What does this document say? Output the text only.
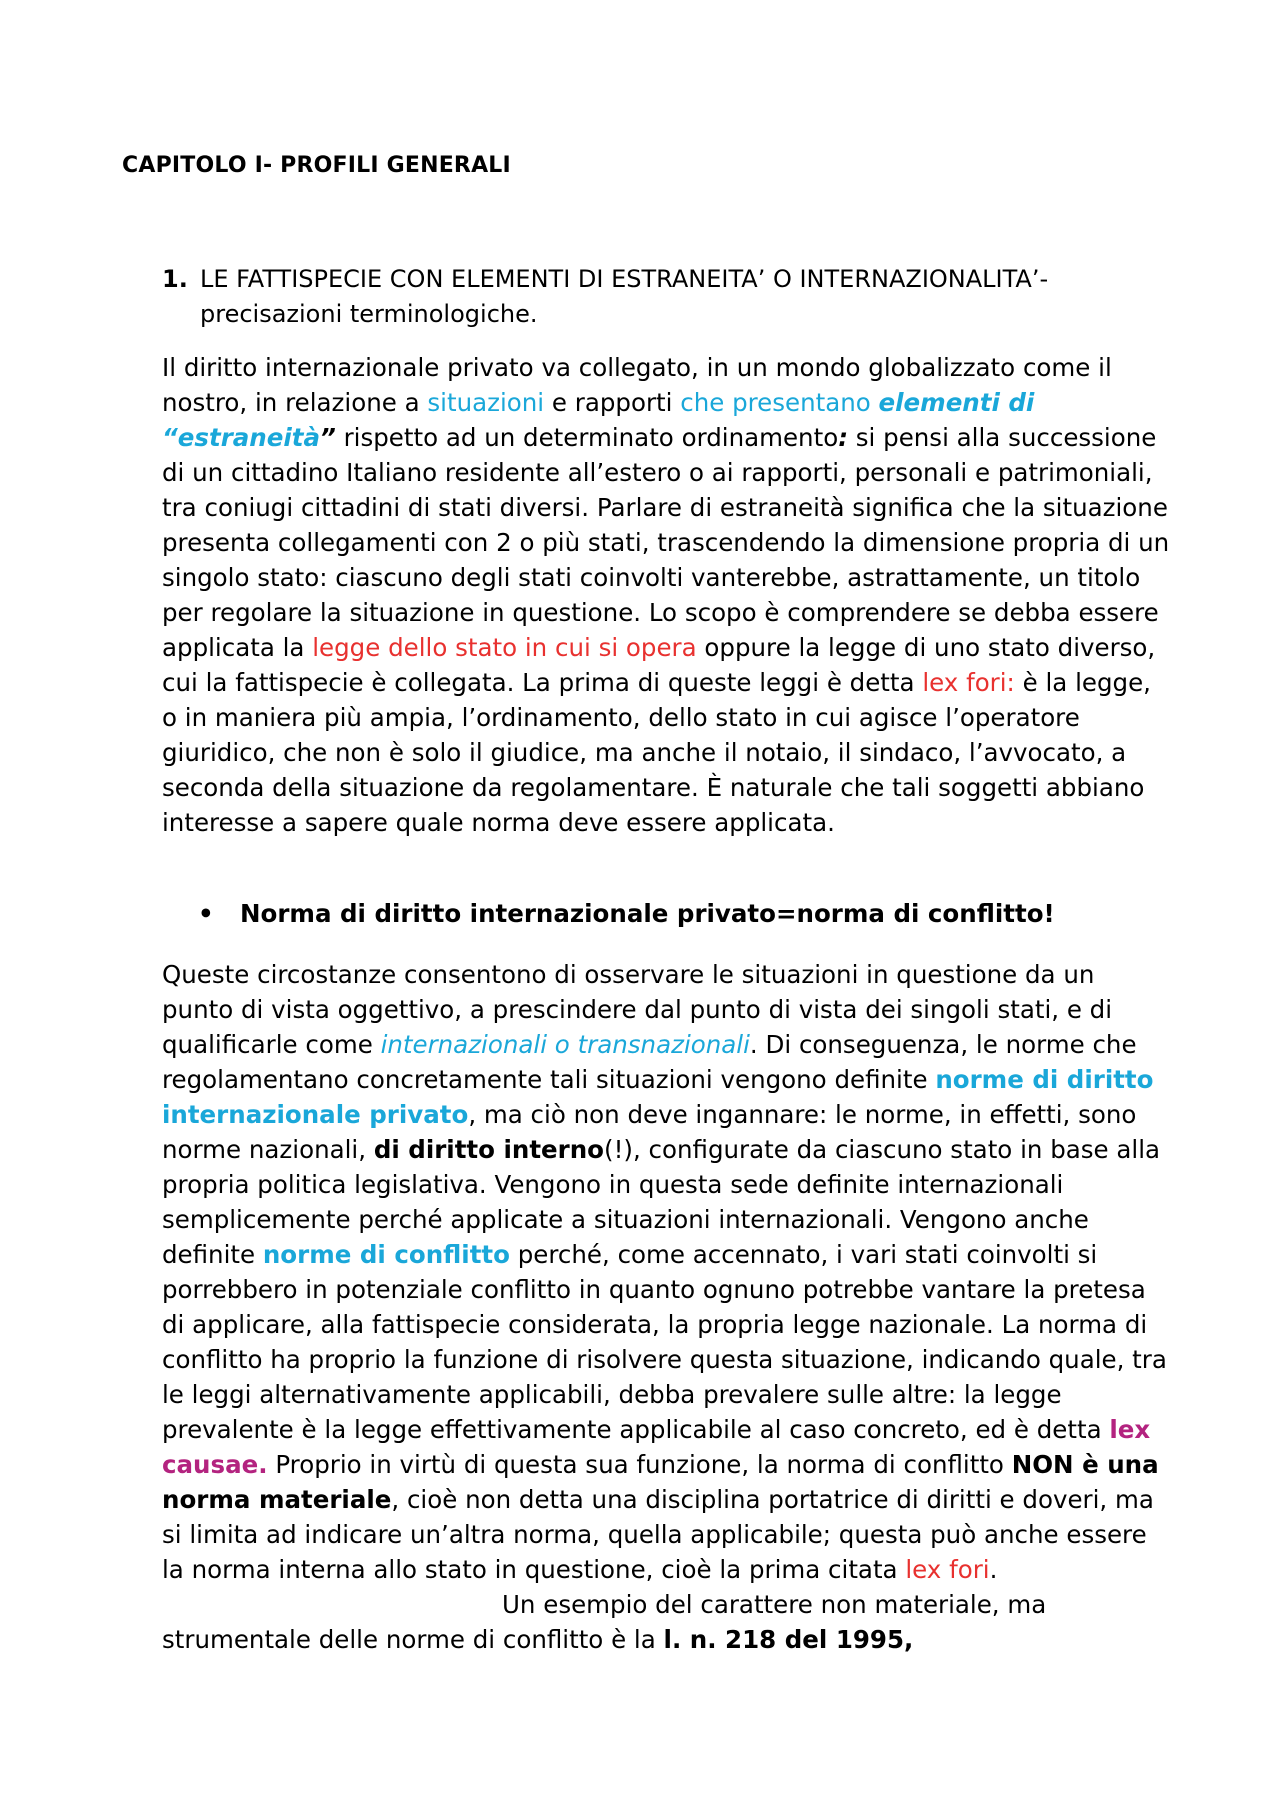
CAPITOLO I- PROFILI GENERALI
1. LE FATTISPECIE CON ELEMENTI DI ESTRANEITA’ O INTERNAZIONALITA’-
precisazioni terminologiche.

Il diritto internazionale privato va collegato, in un mondo globalizzato come il nostro, in relazione a situazioni e rapporti che presentano elementi di “estraneità” rispetto ad un determinato ordinamento: si pensi alla successione di un cittadino Italiano residente all’estero o ai rapporti, personali e patrimoniali, tra coniugi cittadini di stati diversi. Parlare di estraneità significa che la situazione presenta collegamenti con 2 o più stati, trascendendo la dimensione propria di un singolo stato: ciascuno degli stati coinvolti vanterebbe, astrattamente, un titolo per regolare la situazione in questione. Lo scopo è comprendere se debba essere applicata la legge dello stato in cui si opera oppure la legge di uno stato diverso, cui la fattispecie è collegata. La prima di queste leggi è detta lex fori: è la legge, o in maniera più ampia, l’ordinamento, dello stato in cui agisce l’operatore giuridico, che non è solo il giudice, ma anche il notaio, il sindaco, l’avvocato, a seconda della situazione da regolamentare. È naturale che tali soggetti abbiano interesse a sapere quale norma deve essere applicata.

• Norma di diritto internazionale privato=norma di conflitto!

Queste circostanze consentono di osservare le situazioni in questione da un punto di vista oggettivo, a prescindere dal punto di vista dei singoli stati, e di qualificarle come internazionali o transnazionali. Di conseguenza, le norme che regolamentano concretamente tali situazioni vengono definite norme di diritto internazionale privato, ma ciò non deve ingannare: le norme, in effetti, sono norme nazionali, di diritto interno(!), configurate da ciascuno stato in base alla propria politica legislativa. Vengono in questa sede definite internazionali semplicemente perché applicate a situazioni internazionali. Vengono anche definite norme di conflitto perché, come accennato, i vari stati coinvolti si porrebbero in potenziale conflitto in quanto ognuno potrebbe vantare la pretesa di applicare, alla fattispecie considerata, la propria legge nazionale. La norma di conflitto ha proprio la funzione di risolvere questa situazione, indicando quale, tra le leggi alternativamente applicabili, debba prevalere sulle altre: la legge prevalente è la legge effettivamente applicabile al caso concreto, ed è detta lex causae. Proprio in virtù di questa sua funzione, la norma di conflitto NON è una norma materiale, cioè non detta una disciplina portatrice di diritti e doveri, ma si limita ad indicare un’altra norma, quella applicabile; questa può anche essere la norma interna allo stato in questione, cioè la prima citata lex fori.Un esempio del carattere non materiale, ma strumentale delle norme di conflitto è la l. n. 218 del 1995,
